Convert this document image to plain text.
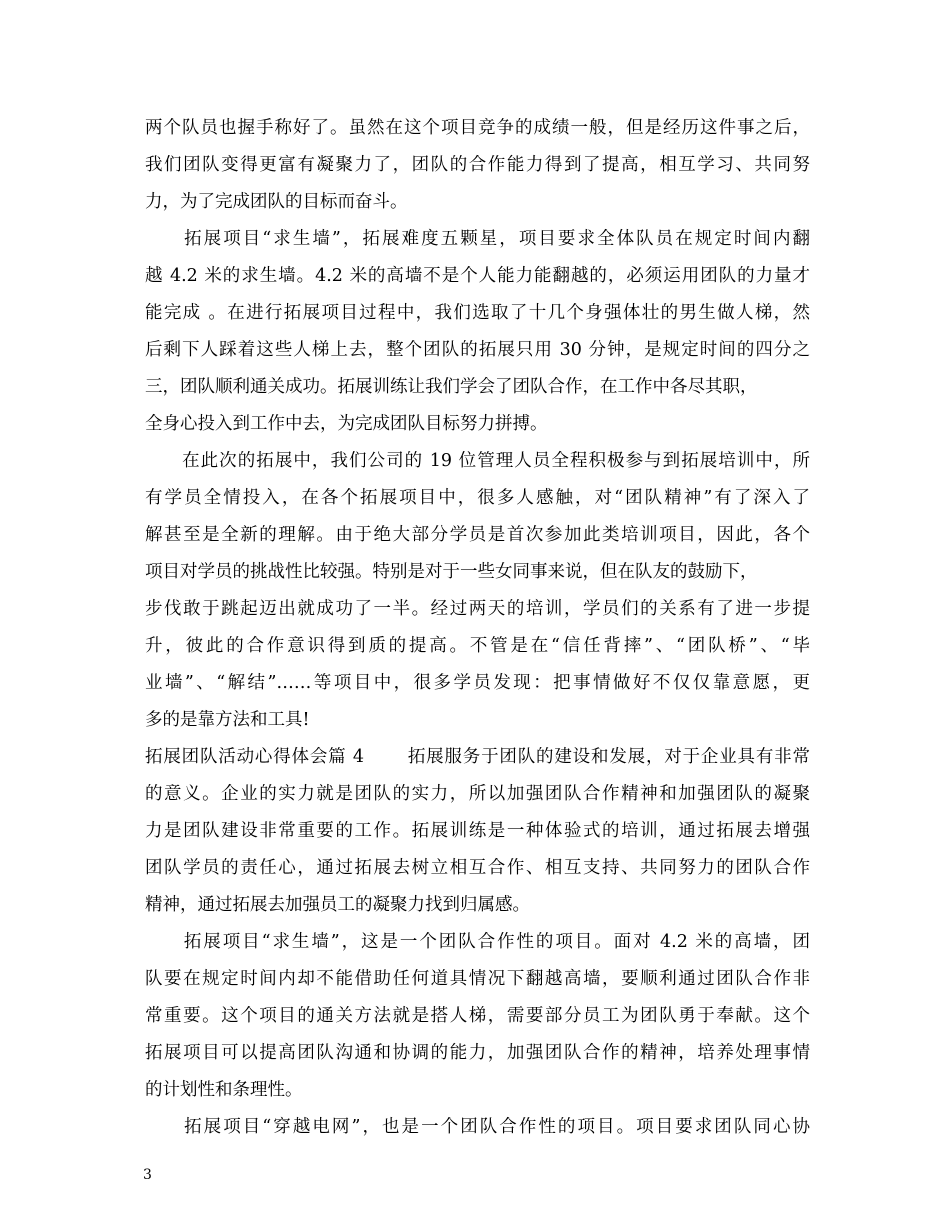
两个队员也握手称好了。虽然在这个项目竞争的成绩一般，但是经历这件事之后，
我们团队变得更富有凝聚力了，团队的合作能力得到了提高，相互学习、共同努
力，为了完成团队的目标而奋斗。
　　拓展项目“求生墙”，拓展难度五颗星，项目要求全体队员在规定时间内翻
越 4.2 米的求生墙。4.2 米的高墙不是个人能力能翻越的，必须运用团队的力量才
能完成 。在进行拓展项目过程中，我们选取了十几个身强体壮的男生做人梯，然
后剩下人踩着这些人梯上去，整个团队的拓展只用 30 分钟，是规定时间的四分之
三，团队顺利通关成功。拓展训练让我们学会了团队合作，在工作中各尽其职，
全身心投入到工作中去，为完成团队目标努力拼搏。
　　在此次的拓展中，我们公司的 19 位管理人员全程积极参与到拓展培训中，所
有学员全情投入，在各个拓展项目中，很多人感触，对“团队精神”有了深入了
解甚至是全新的理解。由于绝大部分学员是首次参加此类培训项目，因此，各个
项目对学员的挑战性比较强。特别是对于一些女同事来说，但在队友的鼓励下，
步伐敢于跳起迈出就成功了一半。经过两天的培训，学员们的关系有了进一步提
升，彼此的合作意识得到质的提高。不管是在“信任背摔”、“团队桥”、“毕
业墙”、“解结”……等项目中，很多学员发现：把事情做好不仅仅靠意愿，更
多的是靠方法和工具!
拓展团队活动心得体会篇 4　　 拓展服务于团队的建设和发展，对于企业具有非常
的意义。企业的实力就是团队的实力，所以加强团队合作精神和加强团队的凝聚
力是团队建设非常重要的工作。拓展训练是一种体验式的培训，通过拓展去增强
团队学员的责任心，通过拓展去树立相互合作、相互支持、共同努力的团队合作
精神，通过拓展去加强员工的凝聚力找到归属感。
　　拓展项目“求生墙”，这是一个团队合作性的项目。面对 4.2 米的高墙，团
队要在规定时间内却不能借助任何道具情况下翻越高墙，要顺利通过团队合作非
常重要。这个项目的通关方法就是搭人梯，需要部分员工为团队勇于奉献。这个
拓展项目可以提高团队沟通和协调的能力，加强团队合作的精神，培养处理事情
的计划性和条理性。
　　拓展项目“穿越电网”，也是一个团队合作性的项目。项目要求团队同心协
3
